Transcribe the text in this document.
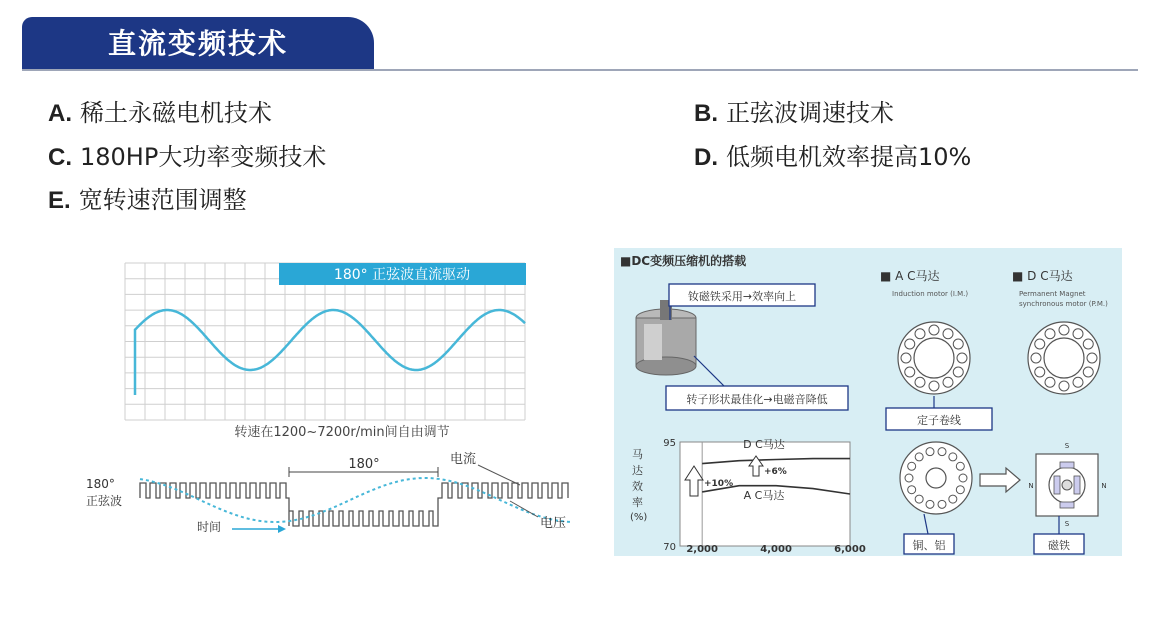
直流变频技术
A. 稀土永磁电机技术	B. 正弦波调速技术
C. 180HP大功率变频技术	D. 低频电机效率提高10%
E. 宽转速范围调整
180° 正弦波直流驱动
转速在1200~7200r/min间自由调节
180°
180°
正弦波
时间
电流
电压
■DC变频压缩机的搭载
钕磁铁采用→效率向上
转子形状最佳化→电磁音降低
马
达
效
率
(%)
D C马达
A C马达
2,000	4,000	6,000
95
70
+10%
+6%
■ A C马达
Induction motor (I.M.)
■ D C马达
Permanent Magnet
synchronous motor (P.M.)
定子卷线
S
S
N	N
铜、铝	磁铁
